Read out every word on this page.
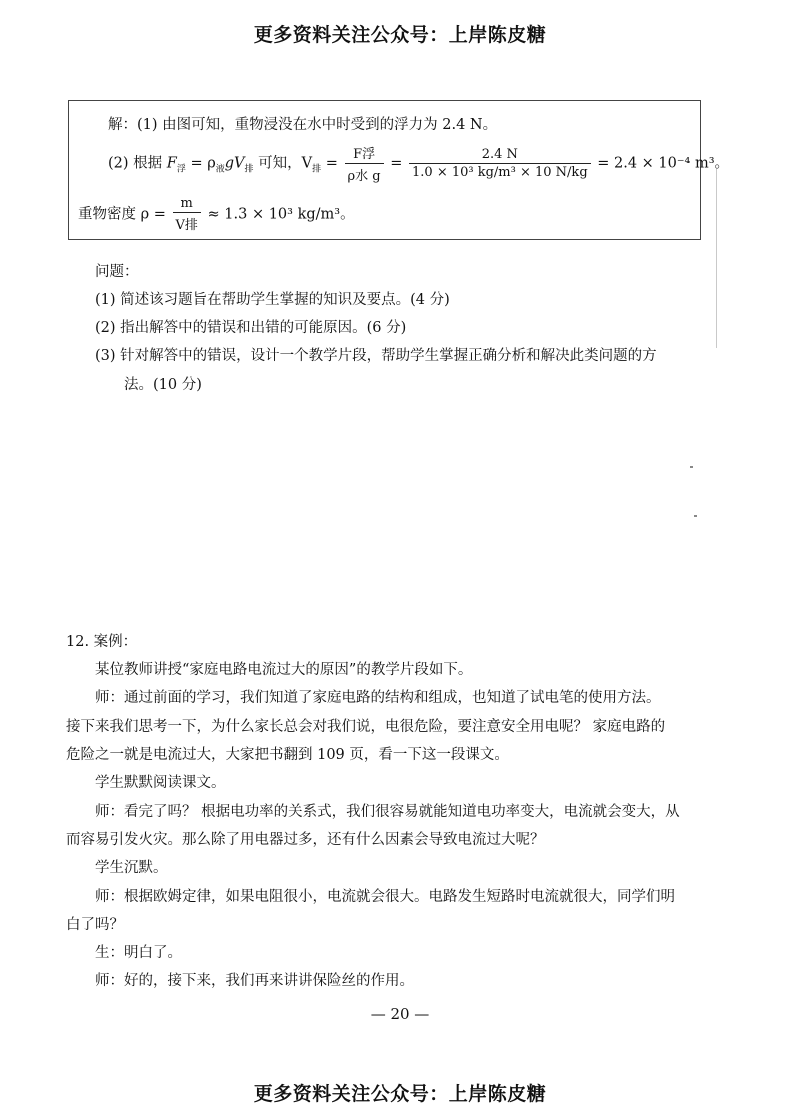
更多资料关注公众号：上岸陈皮糖
解：(1) 由图可知，重物浸没在水中时受到的浮力为 2.4 N。
(2) 根据 $F_浮 = \rho_液gV_排$ 可知，$V_排 = \frac{\text{F浮}}{\text{ρ水 g}} = \frac{2.4 N}{\text{1.0 × 10³ kg/m³ × 10 N/kg}} = 2.4 \times 10^{-4}$ m³。
重物密度 $\rho = \frac{m}{\text{V排}} \approx 1.3 \times 10^3$ kg/m³。
问题：
(1) 简述该习题旨在帮助学生掌握的知识及要点。(4 分)
(2) 指出解答中的错误和出错的可能原因。(6 分)
(3) 针对解答中的错误，设计一个教学片段，帮助学生掌握正确分析和解决此类问题的方
法。(10 分)
12. 案例：
某位教师讲授“家庭电路电流过大的原因”的教学片段如下。
师：通过前面的学习，我们知道了家庭电路的结构和组成，也知道了试电笔的使用方法。
接下来我们思考一下，为什么家长总会对我们说，电很危险，要注意安全用电呢？ 家庭电路的
危险之一就是电流过大，大家把书翻到 109 页，看一下这一段课文。
学生默默阅读课文。
师：看完了吗？ 根据电功率的关系式，我们很容易就能知道电功率变大，电流就会变大，从
而容易引发火灾。那么除了用电器过多，还有什么因素会导致电流过大呢？
学生沉默。
师：根据欧姆定律，如果电阻很小，电流就会很大。电路发生短路时电流就很大，同学们明
白了吗？
生：明白了。
师：好的，接下来，我们再来讲讲保险丝的作用。
— 20 —
更多资料关注公众号：上岸陈皮糖
